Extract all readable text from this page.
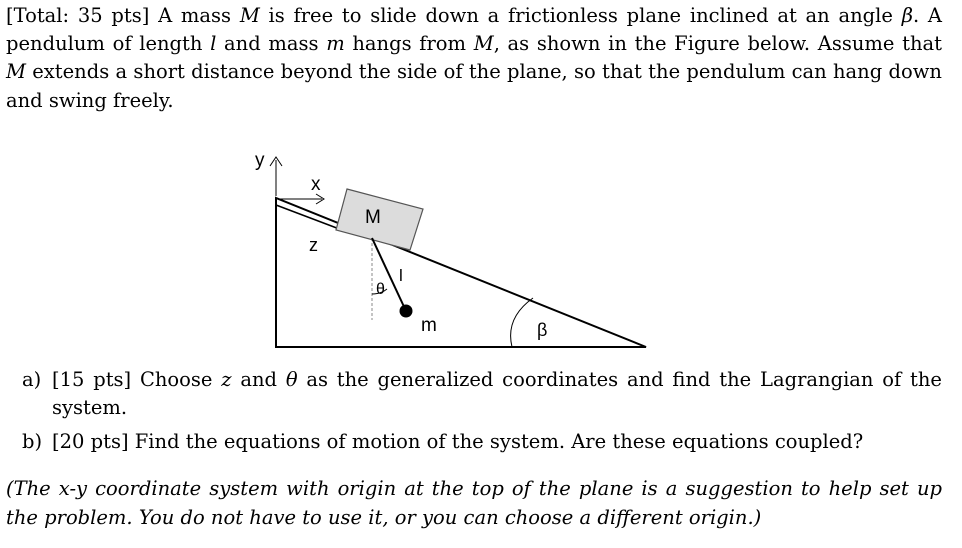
[Total: 35 pts] A mass M is free to slide down a frictionless plane inclined at an angle β. A pendulum of length l and mass m hangs from M, as shown in the Figure below. Assume that M extends a short distance beyond the side of the plane, so that the pendulum can hang down and swing freely.
y
x
z
M
l
θ
m	β
a) [15 pts] Choose z and θ as the generalized coordinates and find the Lagrangian of the system.
b) [20 pts] Find the equations of motion of the system. Are these equations coupled?
(The x-y coordinate system with origin at the top of the plane is a suggestion to help set up the problem. You do not have to use it, or you can choose a different origin.)
